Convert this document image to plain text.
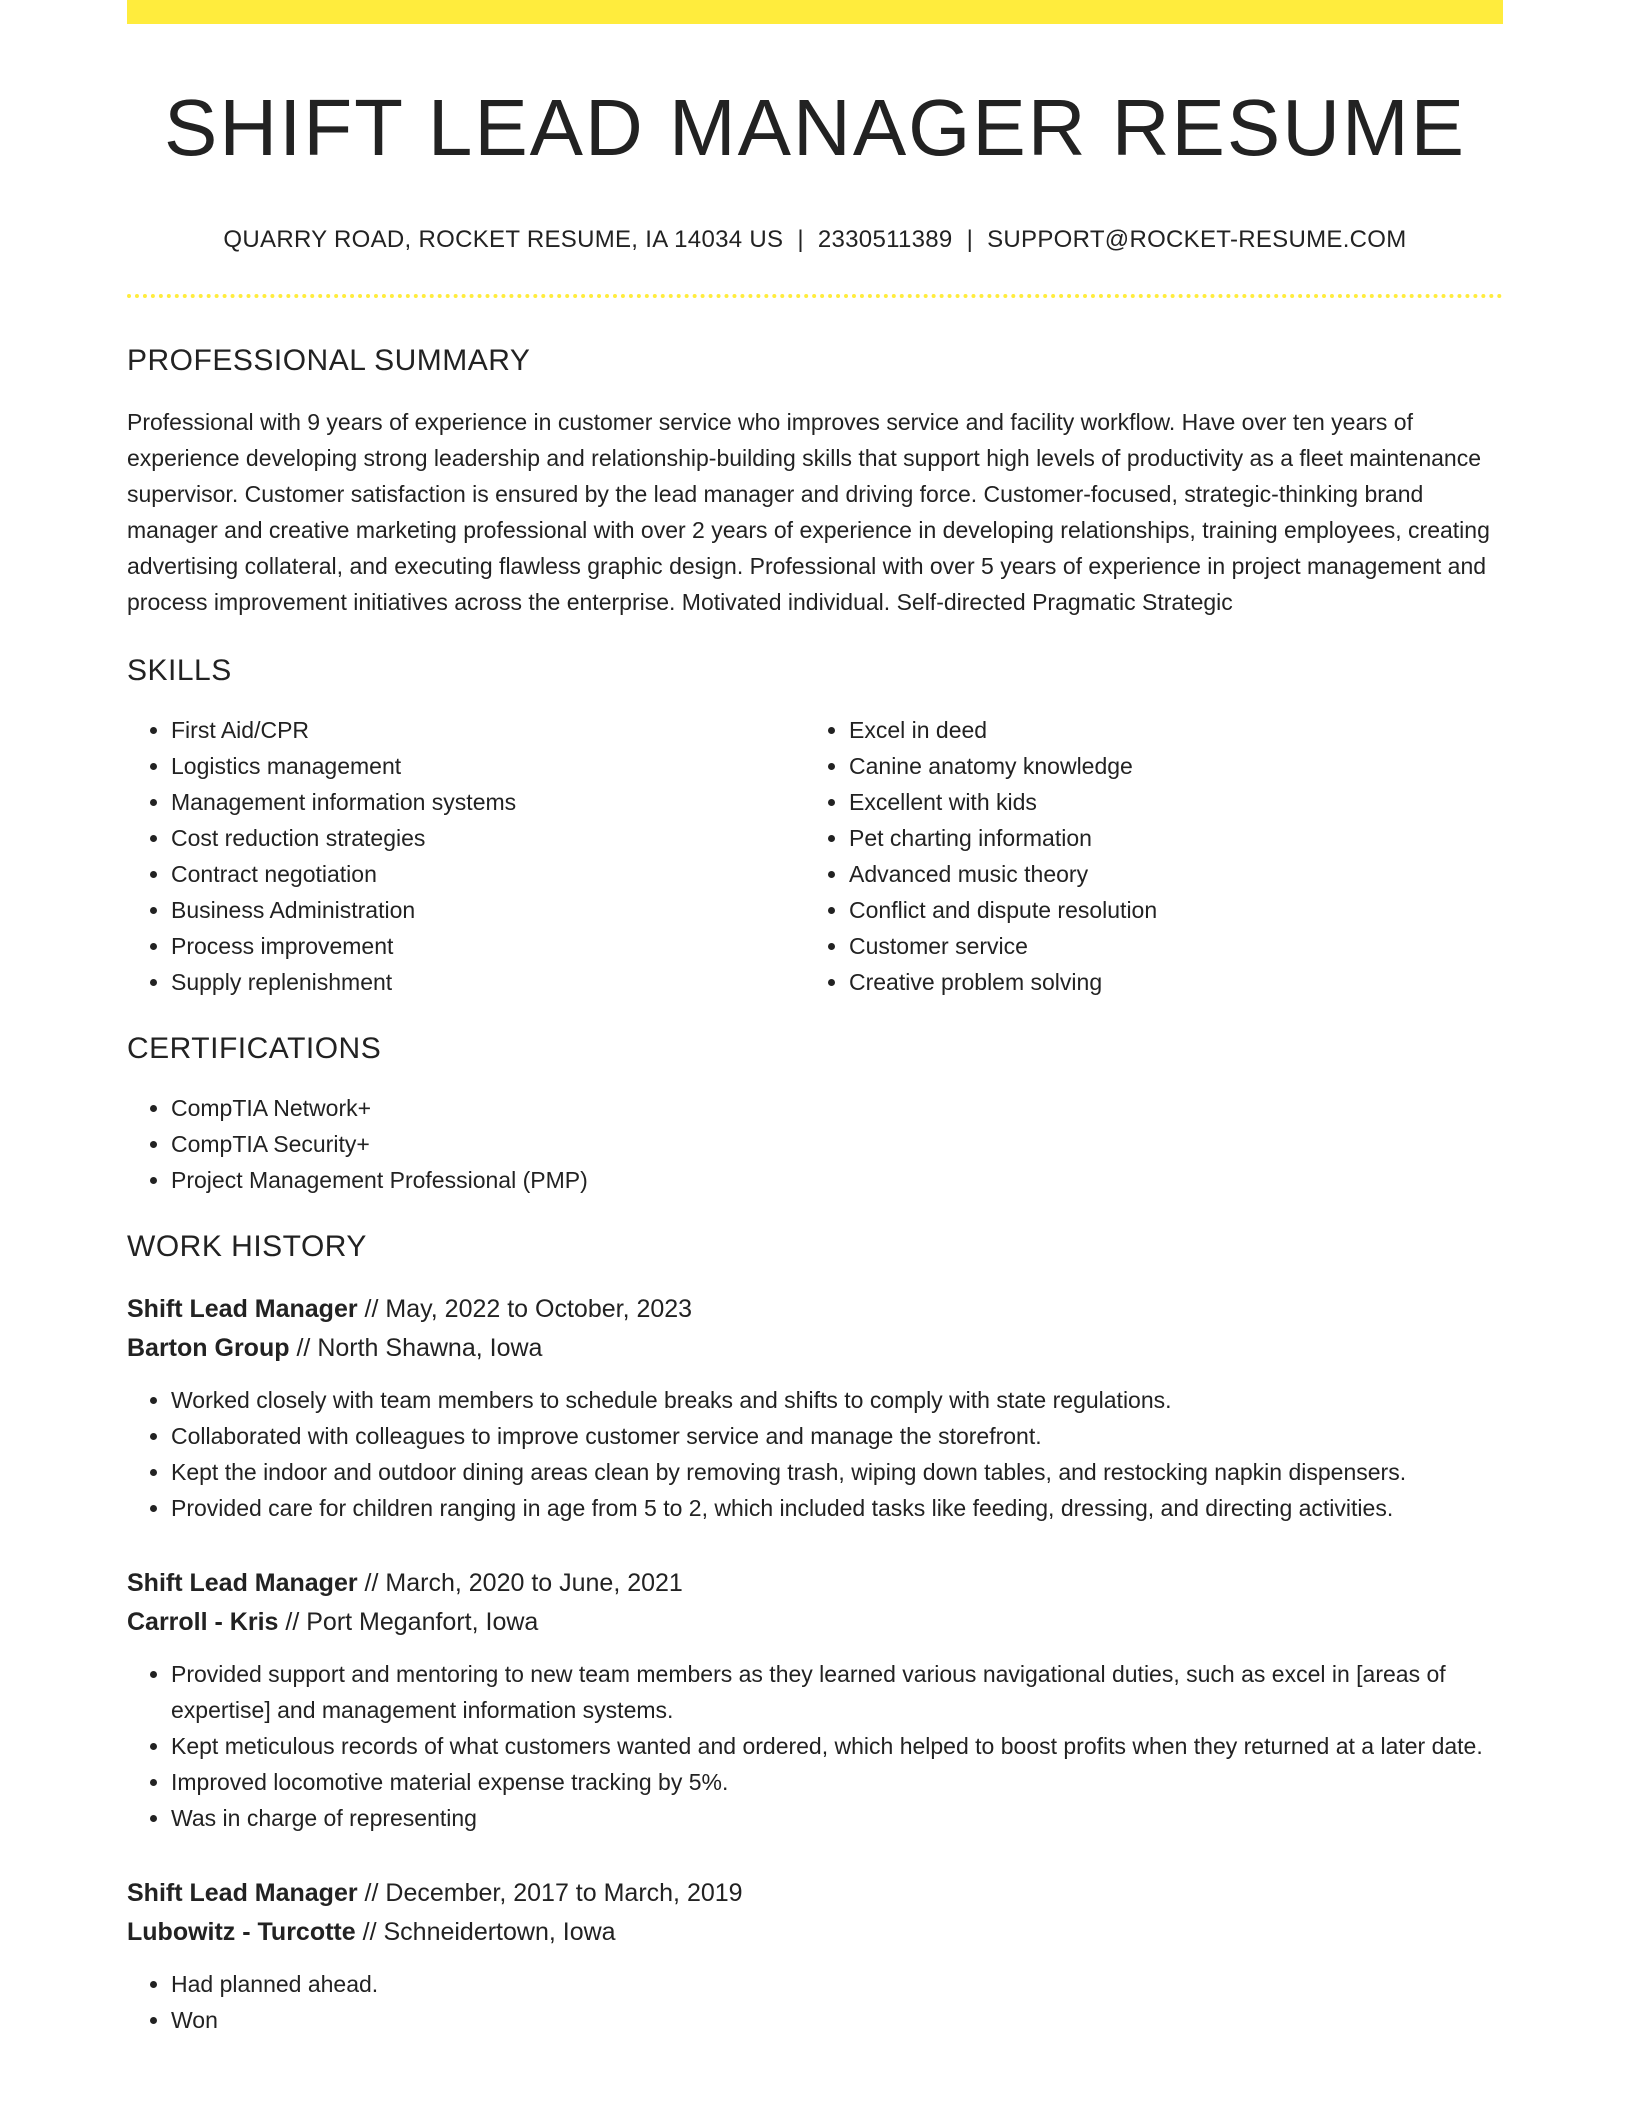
SHIFT LEAD MANAGER RESUME
QUARRY ROAD, ROCKET RESUME, IA 14034 US | 2330511389 | SUPPORT@ROCKET-RESUME.COM
PROFESSIONAL SUMMARY

Professional with 9 years of experience in customer service who improves service and facility workflow. Have over ten years of experience developing strong leadership and relationship-building skills that support high levels of productivity as a fleet maintenance supervisor. Customer satisfaction is ensured by the lead manager and driving force. Customer-focused, strategic-thinking brand manager and creative marketing professional with over 2 years of experience in developing relationships, training employees, creating advertising collateral, and executing flawless graphic design. Professional with over 5 years of experience in project management and process improvement initiatives across the enterprise. Motivated individual. Self-directed Pragmatic Strategic

SKILLS
• First Aid/CPR
• Logistics management
• Management information systems
• Cost reduction strategies
• Contract negotiation
• Business Administration
• Process improvement
• Supply replenishment
• Excel in deed
• Canine anatomy knowledge
• Excellent with kids
• Pet charting information
• Advanced music theory
• Conflict and dispute resolution
• Customer service
• Creative problem solving
CERTIFICATIONS
• CompTIA Network+
• CompTIA Security+
• Project Management Professional (PMP)
WORK HISTORY
Shift Lead Manager // May, 2022 to October, 2023
Barton Group // North Shawna, Iowa
• Worked closely with team members to schedule breaks and shifts to comply with state regulations.
• Collaborated with colleagues to improve customer service and manage the storefront.
• Kept the indoor and outdoor dining areas clean by removing trash, wiping down tables, and restocking napkin dispensers.
• Provided care for children ranging in age from 5 to 2, which included tasks like feeding, dressing, and directing activities.
Shift Lead Manager // March, 2020 to June, 2021
Carroll - Kris // Port Meganfort, Iowa
• Provided support and mentoring to new team members as they learned various navigational duties, such as excel in [areas of expertise] and management information systems.
• Kept meticulous records of what customers wanted and ordered, which helped to boost profits when they returned at a later date.
• Improved locomotive material expense tracking by 5%.
• Was in charge of representing
Shift Lead Manager // December, 2017 to March, 2019
Lubowitz - Turcotte // Schneidertown, Iowa
• Had planned ahead.
• Won
